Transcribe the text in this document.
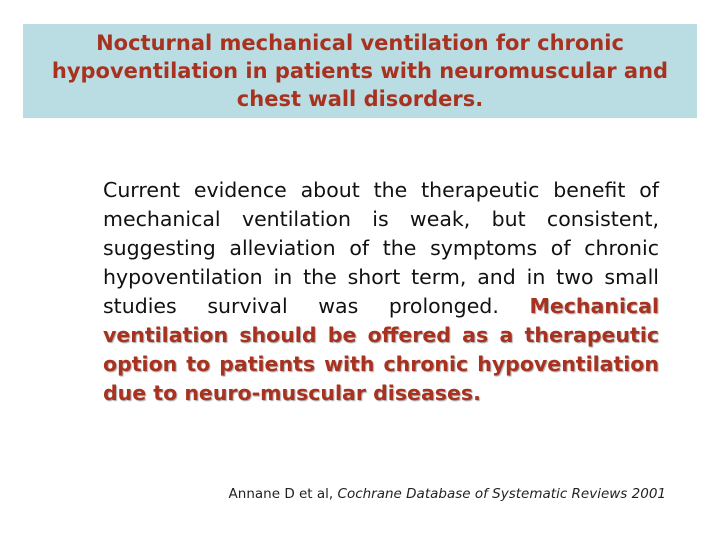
Nocturnal mechanical ventilation for chronic hypoventilation in patients with neuromuscular and chest wall disorders.

Current evidence about the therapeutic benefit of mechanical ventilation is weak, but consistent, suggesting alleviation of the symptoms of chronic hypoventilation in the short term, and in two small studies survival was prolonged. Mechanical ventilation should be offered as a therapeutic option to patients with chronic hypoventilation due to neuro-muscular diseases.

Annane D et al, Cochrane Database of Systematic Reviews 2001
